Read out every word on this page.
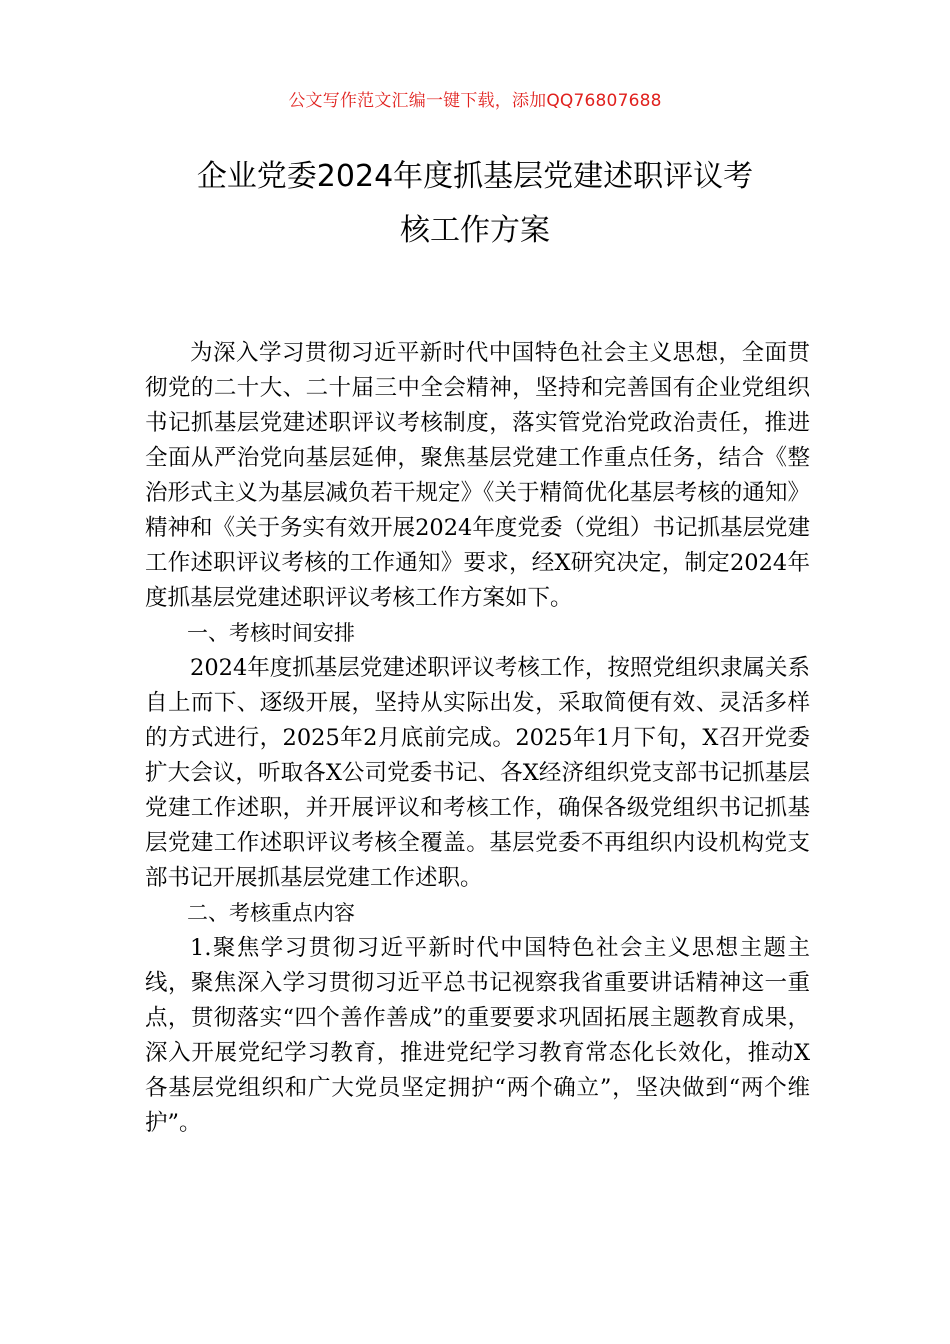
公文写作范文汇编一键下载，添加QQ76807688
企业党委2024年度抓基层党建述职评议考
核工作方案

为深入学习贯彻习近平新时代中国特色社会主义思想，全面贯彻党的二十大、二十届三中全会精神，坚持和完善国有企业党组织书记抓基层党建述职评议考核制度，落实管党治党政治责任，推进全面从严治党向基层延伸，聚焦基层党建工作重点任务，结合《整治形式主义为基层减负若干规定》《关于精简优化基层考核的通知》精神和《关于务实有效开展2024年度党委（党组）书记抓基层党建工作述职评议考核的工作通知》要求，经X研究决定，制定2024年度抓基层党建述职评议考核工作方案如下。

一、考核时间安排

2024年度抓基层党建述职评议考核工作，按照党组织隶属关系自上而下、逐级开展，坚持从实际出发，采取简便有效、灵活多样的方式进行，2025年2月底前完成。2025年1月下旬，X召开党委扩大会议，听取各X公司党委书记、各X经济组织党支部书记抓基层党建工作述职，并开展评议和考核工作，确保各级党组织书记抓基层党建工作述职评议考核全覆盖。基层党委不再组织内设机构党支部书记开展抓基层党建工作述职。

二、考核重点内容

1.聚焦学习贯彻习近平新时代中国特色社会主义思想主题主线，聚焦深入学习贯彻习近平总书记视察我省重要讲话精神这一重点，贯彻落实“四个善作善成”的重要要求巩固拓展主题教育成果，深入开展党纪学习教育，推进党纪学习教育常态化长效化，推动X各基层党组织和广大党员坚定拥护“两个确立”，坚决做到“两个维护”。
